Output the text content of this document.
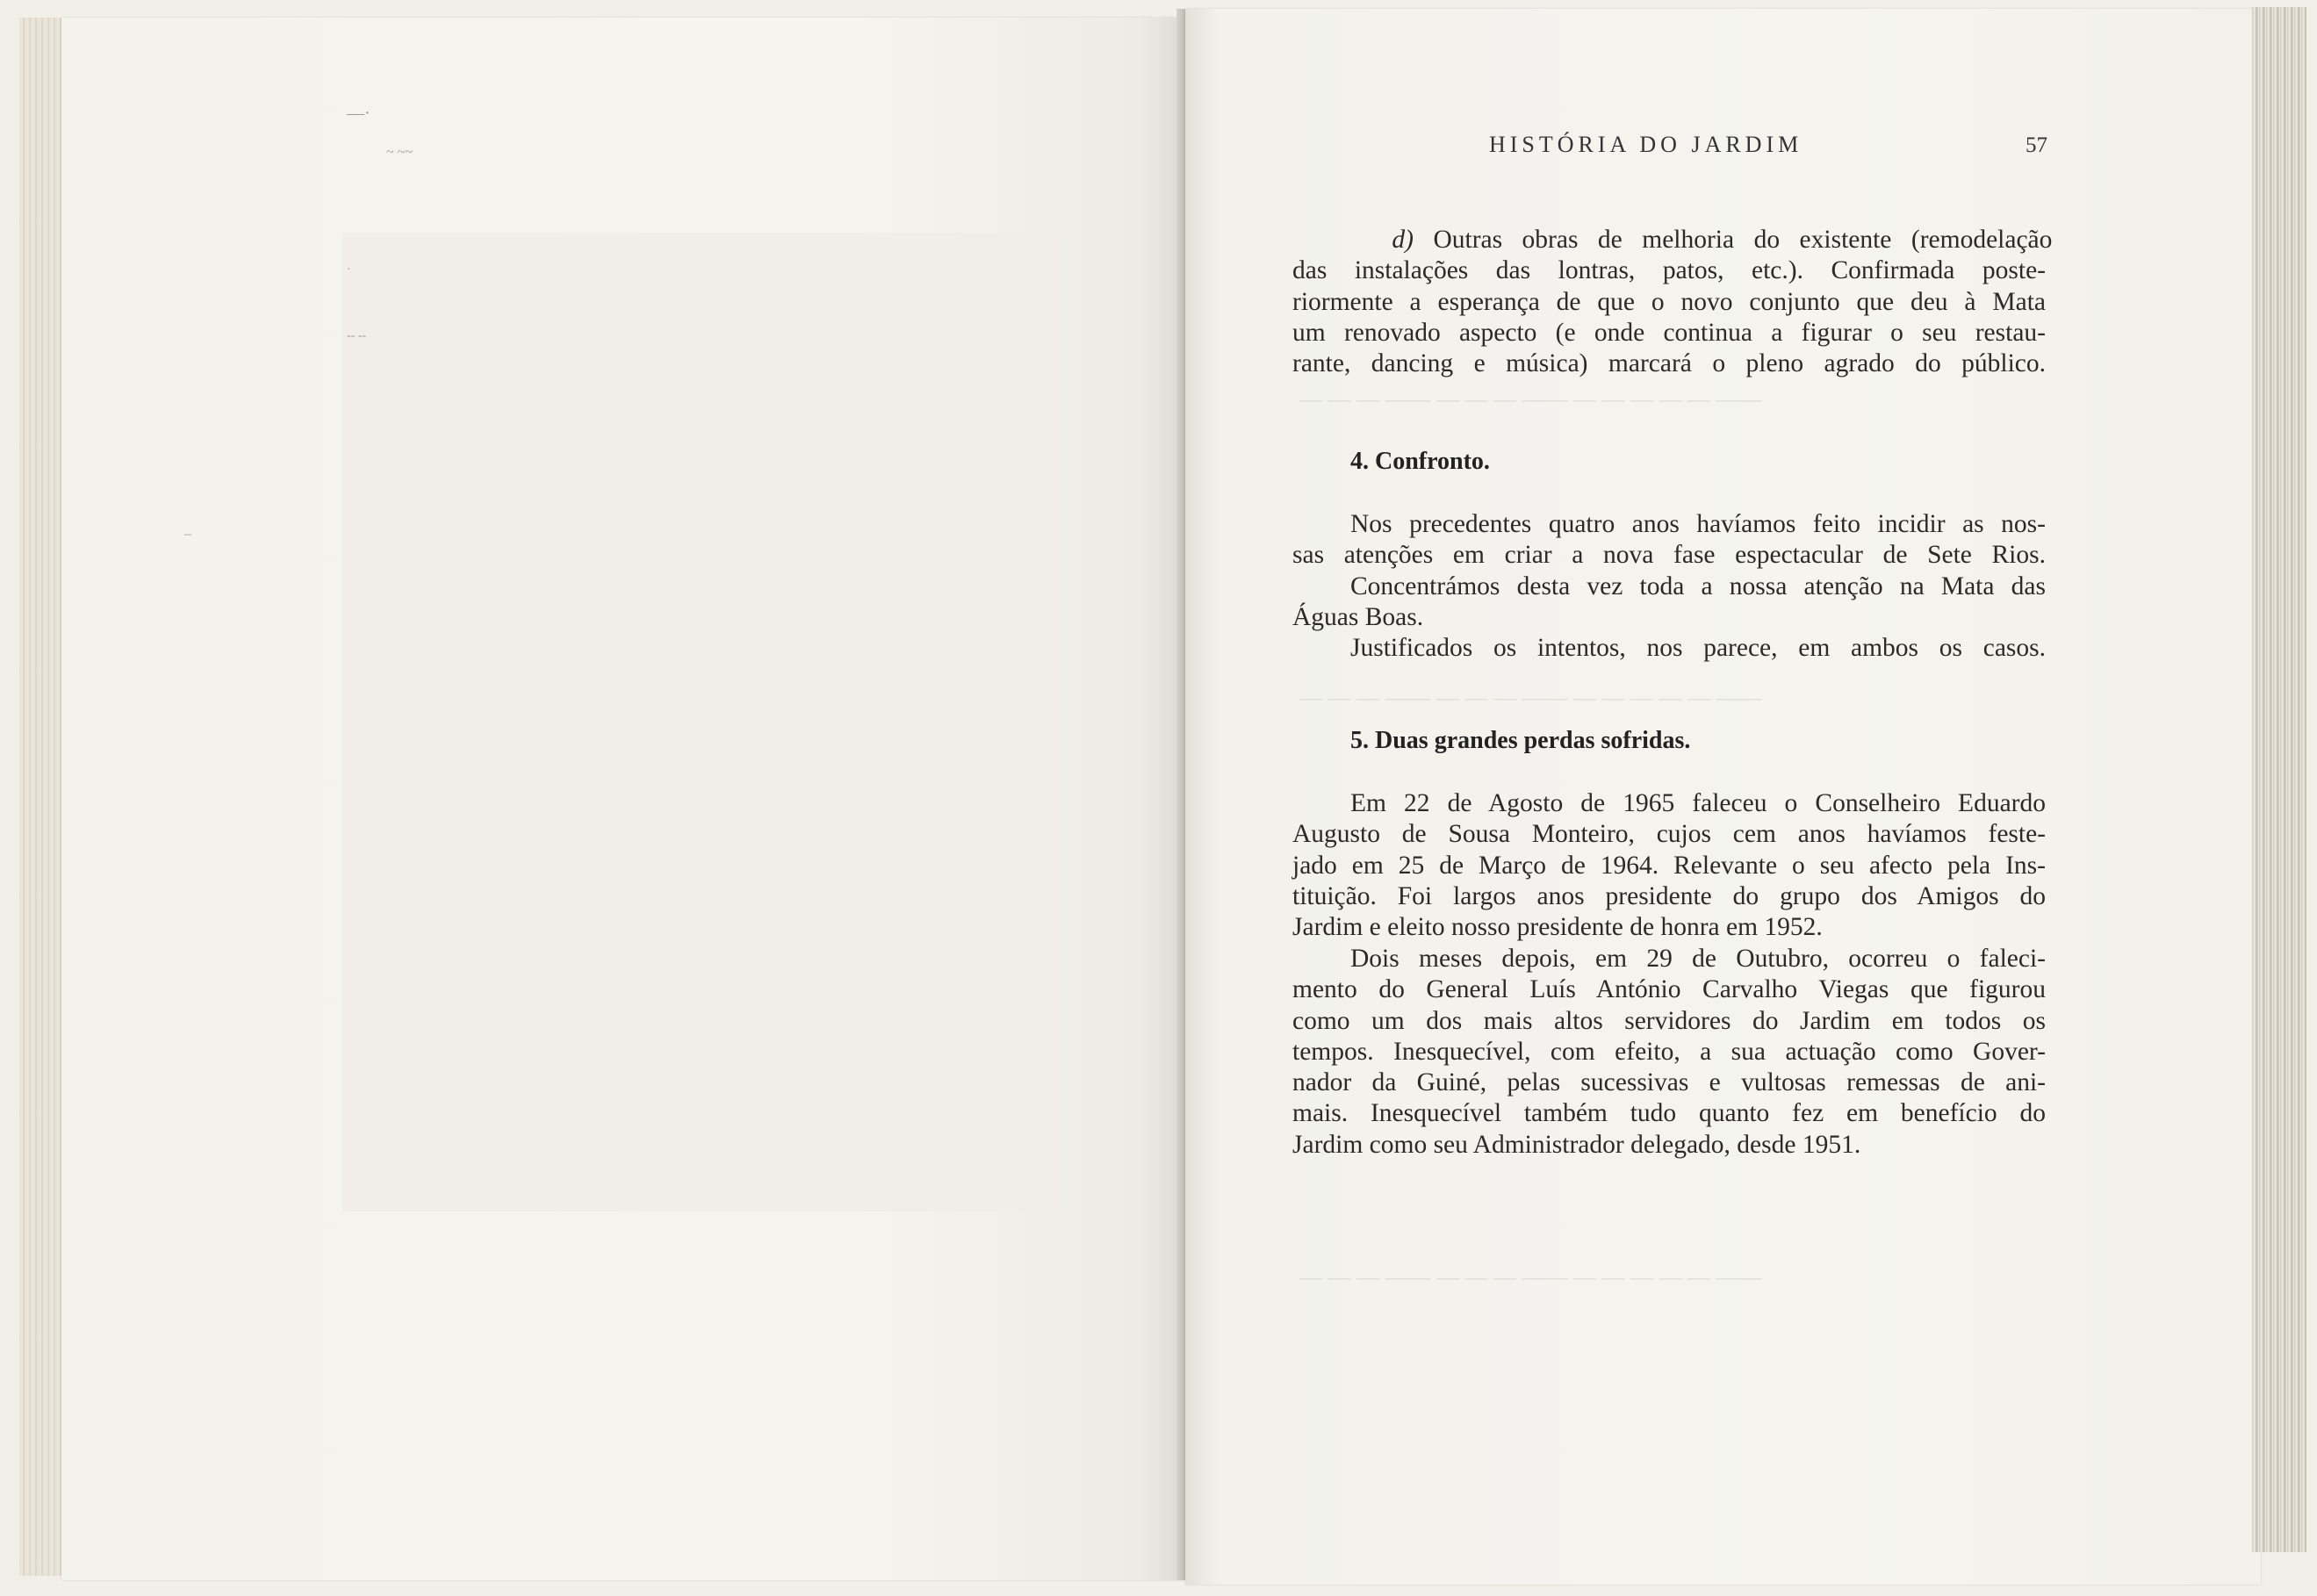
—·
~ ~~
·
-- --
–
— — — —— — — — —— — — — — — ——
— — — —— — — — —— — — — — — ——
— — — —— — — — —— — — — — — ——
HISTÓRIA DO JARDIM	57
d) Outras obras de melhoria do existente (remodelação
das instalações das lontras, patos, etc.). Confirmada poste-
riormente a esperança de que o novo conjunto que deu à Mata
um renovado aspecto (e onde continua a figurar o seu restau-
rante, dancing e música) marcará o pleno agrado do público.
4. Confronto.
Nos precedentes quatro anos havíamos feito incidir as nos-
sas atenções em criar a nova fase espectacular de Sete Rios.
Concentrámos desta vez toda a nossa atenção na Mata das
Águas Boas.
Justificados os intentos, nos parece, em ambos os casos.
5. Duas grandes perdas sofridas.
Em 22 de Agosto de 1965 faleceu o Conselheiro Eduardo
Augusto de Sousa Monteiro, cujos cem anos havíamos feste-
jado em 25 de Março de 1964. Relevante o seu afecto pela Ins-
tituição. Foi largos anos presidente do grupo dos Amigos do
Jardim e eleito nosso presidente de honra em 1952.
Dois meses depois, em 29 de Outubro, ocorreu o faleci-
mento do General Luís António Carvalho Viegas que figurou
como um dos mais altos servidores do Jardim em todos os
tempos. Inesquecível, com efeito, a sua actuação como Gover-
nador da Guiné, pelas sucessivas e vultosas remessas de ani-
mais. Inesquecível também tudo quanto fez em benefício do
Jardim como seu Administrador delegado, desde 1951.
